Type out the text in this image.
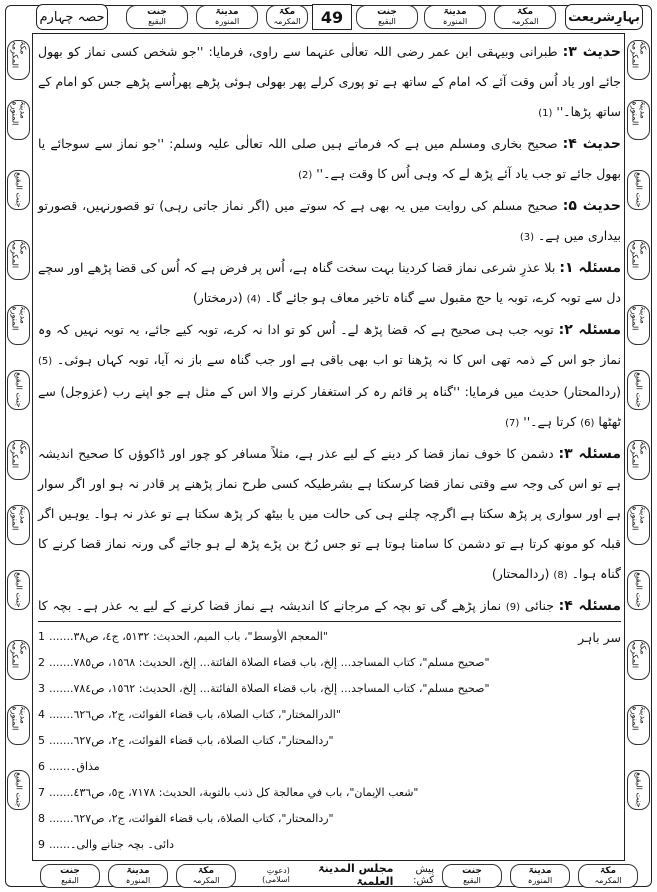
حصہ چہارم	جنت
البقیع
مدینۃ
المنورہ
مکۃ
المکرمہ	49	جنت
البقیع
مدینۃ
المنورہ
مکۃ
المکرمہ بہارِشریعت
مکۃ المکرمہ
مدینۃ المنورہ
جنت البقیع
مکۃ المکرمہ
مدینۃ المنورہ
جنت البقیع
مکۃ المکرمہ
مدینۃ المنورہ
جنت البقیع
مکۃ المکرمہ
مدینۃ المنورہ
جنت البقیع
مکۃ المکرمہ
مدینۃ المنورہ
جنت البقیع
مکۃ المکرمہ
مدینۃ المنورہ
جنت البقیع
مکۃ المکرمہ
مدینۃ المنورہ
جنت البقیع
مکۃ المکرمہ
مدینۃ المنورہ
جنت البقیع

حدیث ۳: طبرانی وبیہقی ابن عمر رضی اللہ تعالٰی عنہما سے راوی، فرمایا: ''جو شخص کسی نماز کو بھول جائے اور یاد اُس وقت آئے کہ امام کے ساتھ ہے تو پوری کرلے پھر بھولی ہوئی پڑھے پھراُسے پڑھے جس کو امام کے ساتھ پڑھا۔'' (1)

حدیث ۴: صحیح بخاری ومسلم میں ہے کہ فرماتے ہیں صلی اللہ تعالٰی علیہ وسلم: ''جو نماز سے سوجائے یا بھول جائے تو جب یاد آئے پڑھ لے کہ وہی اُس کا وقت ہے۔'' (2)

حدیث ۵: صحیح مسلم کی روایت میں یہ بھی ہے کہ سوتے میں (اگر نماز جاتی رہی) تو قصورنہیں، قصورتو بیداری میں ہے۔ (3)

مسئلہ ۱: بلا عذرِ شرعی نماز قضا کردینا بہت سخت گناہ ہے، اُس پر فرض ہے کہ اُس کی قضا پڑھے اور سچے دل سے توبہ کرے، توبہ یا حج مقبول سے گناہ تاخیر معاف ہو جائے گا۔ (4) (درمختار)

مسئلہ ۲: توبہ جب ہی صحیح ہے کہ قضا پڑھ لے۔ اُس کو تو ادا نہ کرے، توبہ کیے جائے، یہ توبہ نہیں کہ وہ نماز جو اس کے ذمہ تھی اس کا نہ پڑھنا تو اب بھی باقی ہے اور جب گناہ سے باز نہ آیا، توبہ کہاں ہوئی۔ (5) (ردالمحتار) حدیث میں فرمایا: ''گناہ پر قائم رہ کر استغفار کرنے والا اس کے مثل ہے جو اپنے رب (عزوجل) سے ٹھٹھا (6) کرتا ہے۔'' (7)

مسئلہ ۳: دشمن کا خوف نماز قضا کر دینے کے لیے عذر ہے، مثلاً مسافر کو چور اور ڈاکوؤں کا صحیح اندیشہ ہے تو اس کی وجہ سے وقتی نماز قضا کرسکتا ہے بشرطیکہ کسی طرح نماز پڑھنے پر قادر نہ ہو اور اگر سوار ہے اور سواری پر پڑھ سکتا ہے اگرچہ چلنے ہی کی حالت میں یا بیٹھ کر پڑھ سکتا ہے تو عذر نہ ہوا۔ یوہیں اگر قبلہ کو مونھ کرتا ہے تو دشمن کا سامنا ہوتا ہے تو جس رُخ بن پڑے پڑھ لے ہو جائے گی ورنہ نماز قضا کرنے کا گناہ ہوا۔ (8) (ردالمحتار)

مسئلہ ۴: جنائی (9) نماز پڑھے گی تو بچہ کے مرجانے کا اندیشہ ہے نماز قضا کرنے کے لیے یہ عذر ہے۔ بچہ کا سر باہر

1 ...... "المعجم الأوسط"، باب الميم، الحديث: ٥١٣٢، ج٤، ص٣٨.
2 ...... "صحيح مسلم"، كتاب المساجد... إلخ، باب قضاء الصلاة الفائتة... إلخ، الحديث: ١٥٦٨، ص٧٨٥.
3 ...... "صحيح مسلم"، كتاب المساجد... إلخ، باب قضاء الصلاة الفائتة... إلخ، الحديث: ١٥٦٢، ص٧٨٤.
4 ...... "الدرالمختار"، كتاب الصلاة، باب قضاء الفوائت، ج٢، ص٦٢٦.
5 ...... "ردالمحتار"، كتاب الصلاة، باب قضاء الفوائت، ج٢، ص٦٢٧.
6 ...... مذاق۔
7 ...... "شعب الإيمان"، باب في معالجة كل ذنب بالتوبة، الحديث: ٧١٧٨، ج٥، ص٤٣٦.
8 ...... "ردالمحتار"، كتاب الصلاة، باب قضاء الفوائت، ج٢، ص٦٢٧.
9 ...... دائی۔ بچہ جنانے والی۔
جنت
البقیع
مدینۃ
المنورہ
مکۃ
المکرمہ
پیش کش:
مجلس المدینۃ العلمیۃ
(دعوتِ اسلامی)
جنت
البقیع
مدینۃ
المنورہ
مکۃ
المکرمہ
